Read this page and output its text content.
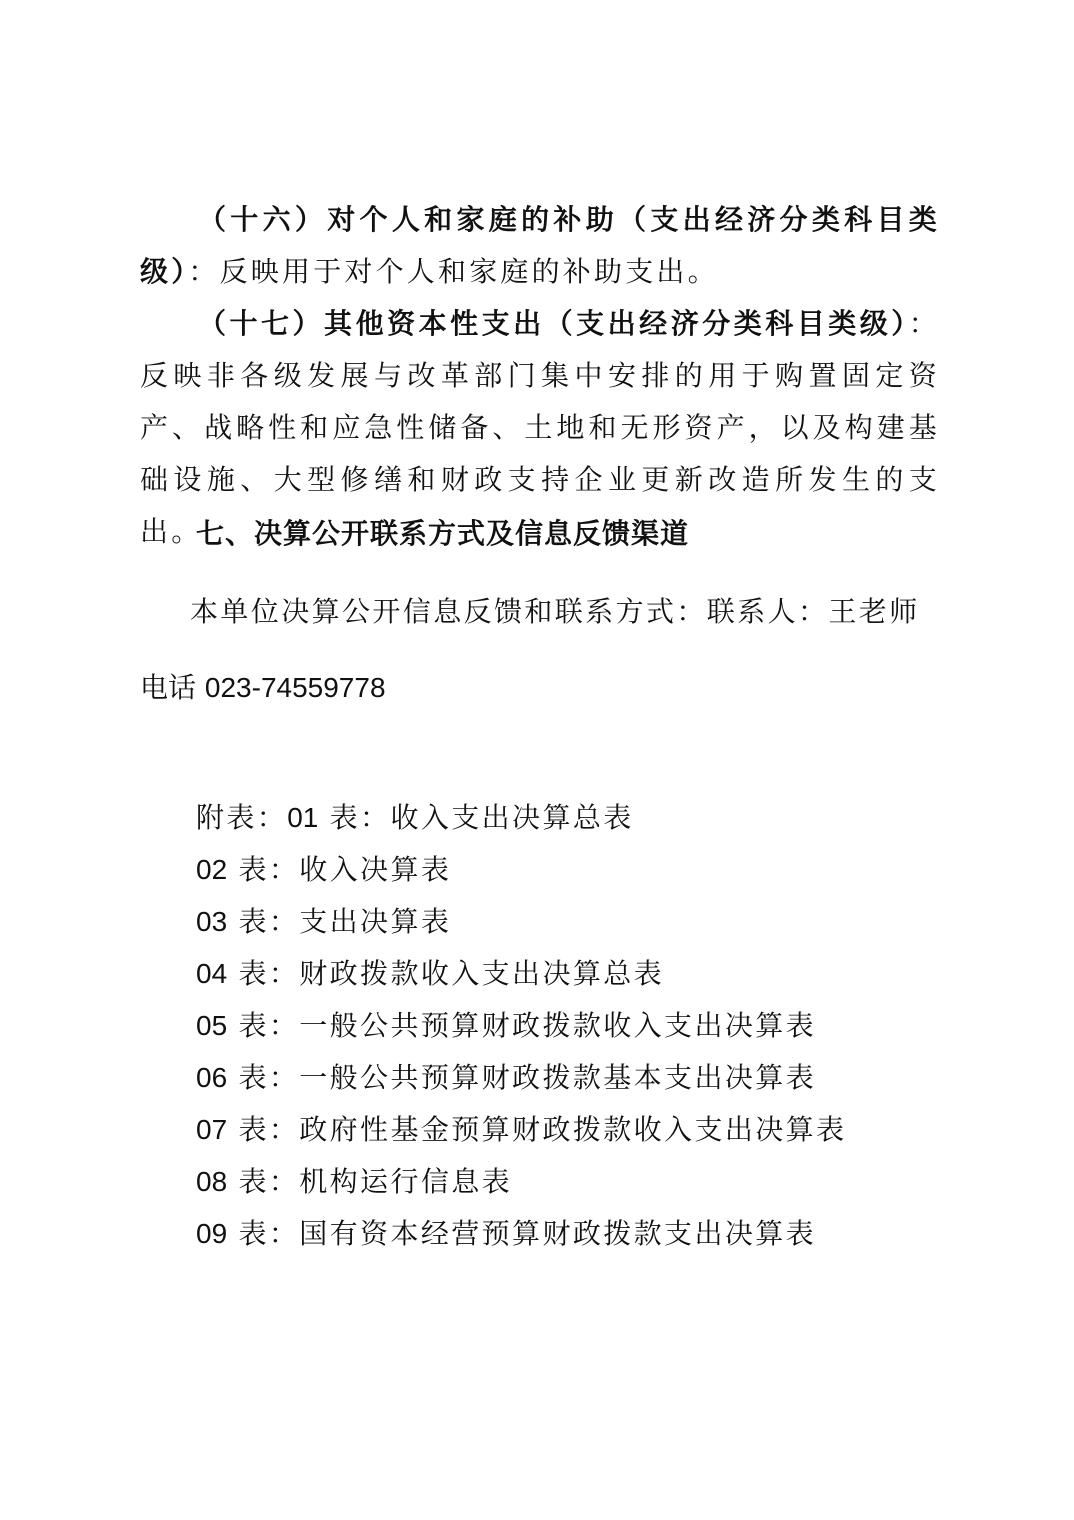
（十六）对个人和家庭的补助（支出经济分类科目类级）：反映用于对个人和家庭的补助支出。

（十七）其他资本性支出（支出经济分类科目类级）：反映非各级发展与改革部门集中安排的用于购置固定资产、战略性和应急性储备、土地和无形资产，以及构建基础设施、大型修缮和财政支持企业更新改造所发生的支出。

七、决算公开联系方式及信息反馈渠道

本单位决算公开信息反馈和联系方式：联系人：王老师

电话 023-74559778

附表：01 表：收入支出决算总表
02 表：收入决算表
03 表：支出决算表
04 表：财政拨款收入支出决算总表
05 表：一般公共预算财政拨款收入支出决算表
06 表：一般公共预算财政拨款基本支出决算表
07 表：政府性基金预算财政拨款收入支出决算表
08 表：机构运行信息表
09 表：国有资本经营预算财政拨款支出决算表
